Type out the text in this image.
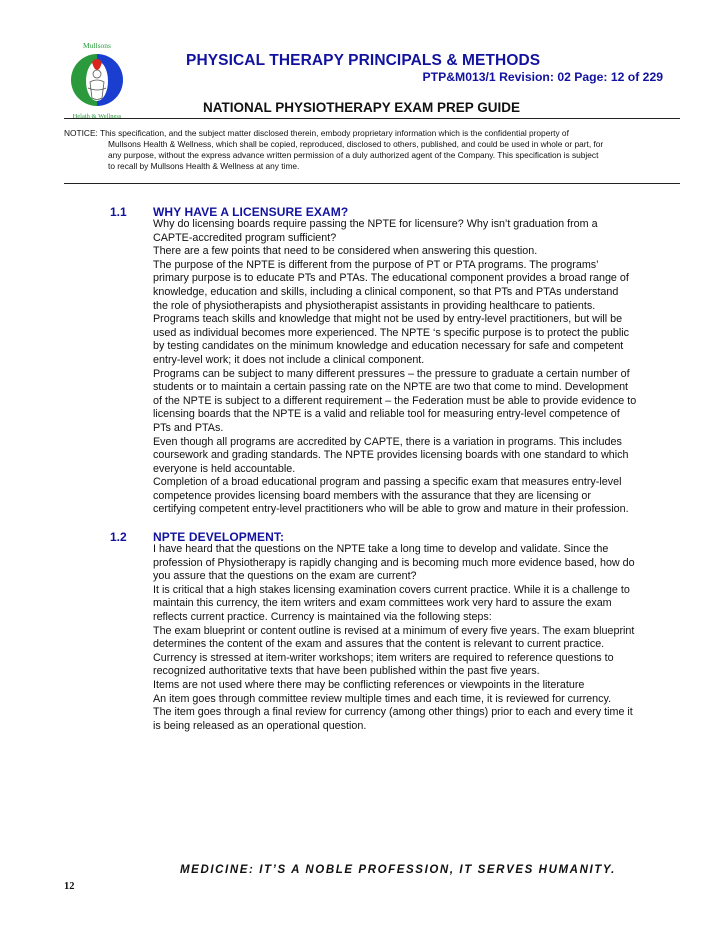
Mullsons
Helath & Wellness
PHYSICAL THERAPY PRINCIPALS & METHODS
PTP&M013/1 Revision: 02 Page: 12 of 229
NATIONAL PHYSIOTHERAPY EXAM PREP GUIDE
NOTICE: This specification, and the subject matter disclosed therein, embody proprietary information which is the confidential property of
Mullsons Health & Wellness, which shall be copied, reproduced, disclosed to others, published, and could be used in whole or part, for
any purpose, without the express advance written permission of a duly authorized agent of the Company. This specification is subject
to recall by Mullsons Health & Wellness at any time.
1.1 WHY HAVE A LICENSURE EXAM?

Why do licensing boards require passing the NPTE for licensure? Why isn’t graduation from a

CAPTE-accredited program sufficient?

There are a few points that need to be considered when answering this question.

The purpose of the NPTE is different from the purpose of PT or PTA programs. The programs’

primary purpose is to educate PTs and PTAs. The educational component provides a broad range of

knowledge, education and skills, including a clinical component, so that PTs and PTAs understand

the role of physiotherapists and physiotherapist assistants in providing healthcare to patients.

Programs teach skills and knowledge that might not be used by entry-level practitioners, but will be

used as individual becomes more experienced. The NPTE ‘s specific purpose is to protect the public

by testing candidates on the minimum knowledge and education necessary for safe and competent

entry-level work; it does not include a clinical component.

Programs can be subject to many different pressures – the pressure to graduate a certain number of

students or to maintain a certain passing rate on the NPTE are two that come to mind. Development

of the NPTE is subject to a different requirement – the Federation must be able to provide evidence to

licensing boards that the NPTE is a valid and reliable tool for measuring entry-level competence of

PTs and PTAs.

Even though all programs are accredited by CAPTE, there is a variation in programs. This includes

coursework and grading standards. The NPTE provides licensing boards with one standard to which

everyone is held accountable.

Completion of a broad educational program and passing a specific exam that measures entry-level

competence provides licensing board members with the assurance that they are licensing or

certifying competent entry-level practitioners who will be able to grow and mature in their profession.

1.2 NPTE DEVELOPMENT:

I have heard that the questions on the NPTE take a long time to develop and validate. Since the

profession of Physiotherapy is rapidly changing and is becoming much more evidence based, how do

you assure that the questions on the exam are current?

It is critical that a high stakes licensing examination covers current practice. While it is a challenge to

maintain this currency, the item writers and exam committees work very hard to assure the exam

reflects current practice. Currency is maintained via the following steps:

The exam blueprint or content outline is revised at a minimum of every five years. The exam blueprint

determines the content of the exam and assures that the content is relevant to current practice.

Currency is stressed at item-writer workshops; item writers are required to reference questions to

recognized authoritative texts that have been published within the past five years.

Items are not used where there may be conflicting references or viewpoints in the literature

An item goes through committee review multiple times and each time, it is reviewed for currency.

The item goes through a final review for currency (among other things) prior to each and every time it

is being released as an operational question.

MEDICINE: IT’S A NOBLE PROFESSION, IT SERVES HUMANITY.
12
